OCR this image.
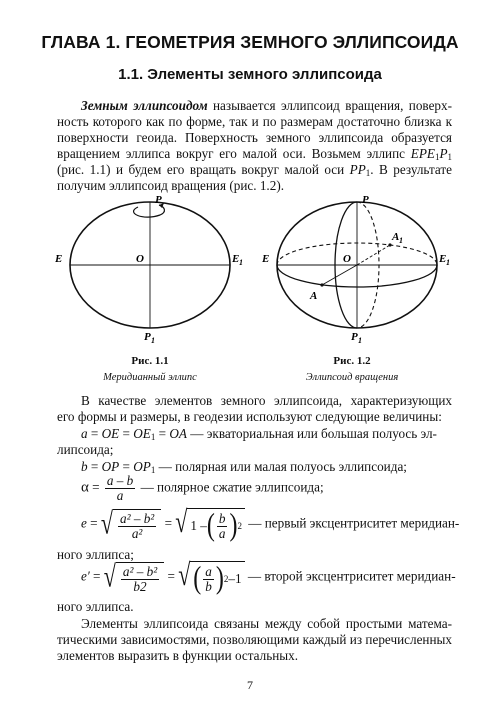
ГЛАВА 1. ГЕОМЕТРИЯ ЗЕМНОГО ЭЛЛИПСОИДА
1.1. Элементы земного эллипсоида
Земным эллипсоидом называется эллипсоид вращения, поверх-
ность которого как по форме, так и по размерам достаточно близка к
поверхности геоида. Поверхность земного эллипсоида образуется
вращением эллипса вокруг его малой оси. Возьмем эллипс $EPE_1P_1$
(рис. 1.1) и будем его вращать вокруг малой оси $PP_1$. В результате
получим эллипсоид вращения (рис. 1.2).
P
E	E 1
O
P 1
Рис. 1.1
Меридианный эллипс
P
E	E 1
O
A
A 1
P 1
Рис. 1.2
Эллипсоид вращения
В качестве элементов земного эллипсоида, характеризующих
его формы и размеры, в геодезии используют следующие величины:
a = OE = $OE_1$ = OA — экваториальная или большая полуось эл-
липсоида;
b = OP = $OP_1$ — полярная или малая полуось эллипсоида;
$\alpha = \frac{a - b}{a}$ — полярное сжатие эллипсоида;
e = √ $\frac{\text{a² – b²}}{\text{a²}}$ = √ 1 – ( $\frac{b}{a}$ ) 2 — первый эксцентриситет меридиан-
ного эллипса;
e′ = √ $\frac{\text{a² – b²}}{b2}$ = √ ( $\frac{a}{b}$ ) 2 –1 — второй эксцентриситет меридиан-
ного эллипса.
Элементы эллипсоида связаны между собой простыми матема-
тическими зависимостями, позволяющими каждый из перечисленных
элементов выразить в функции остальных.
7
